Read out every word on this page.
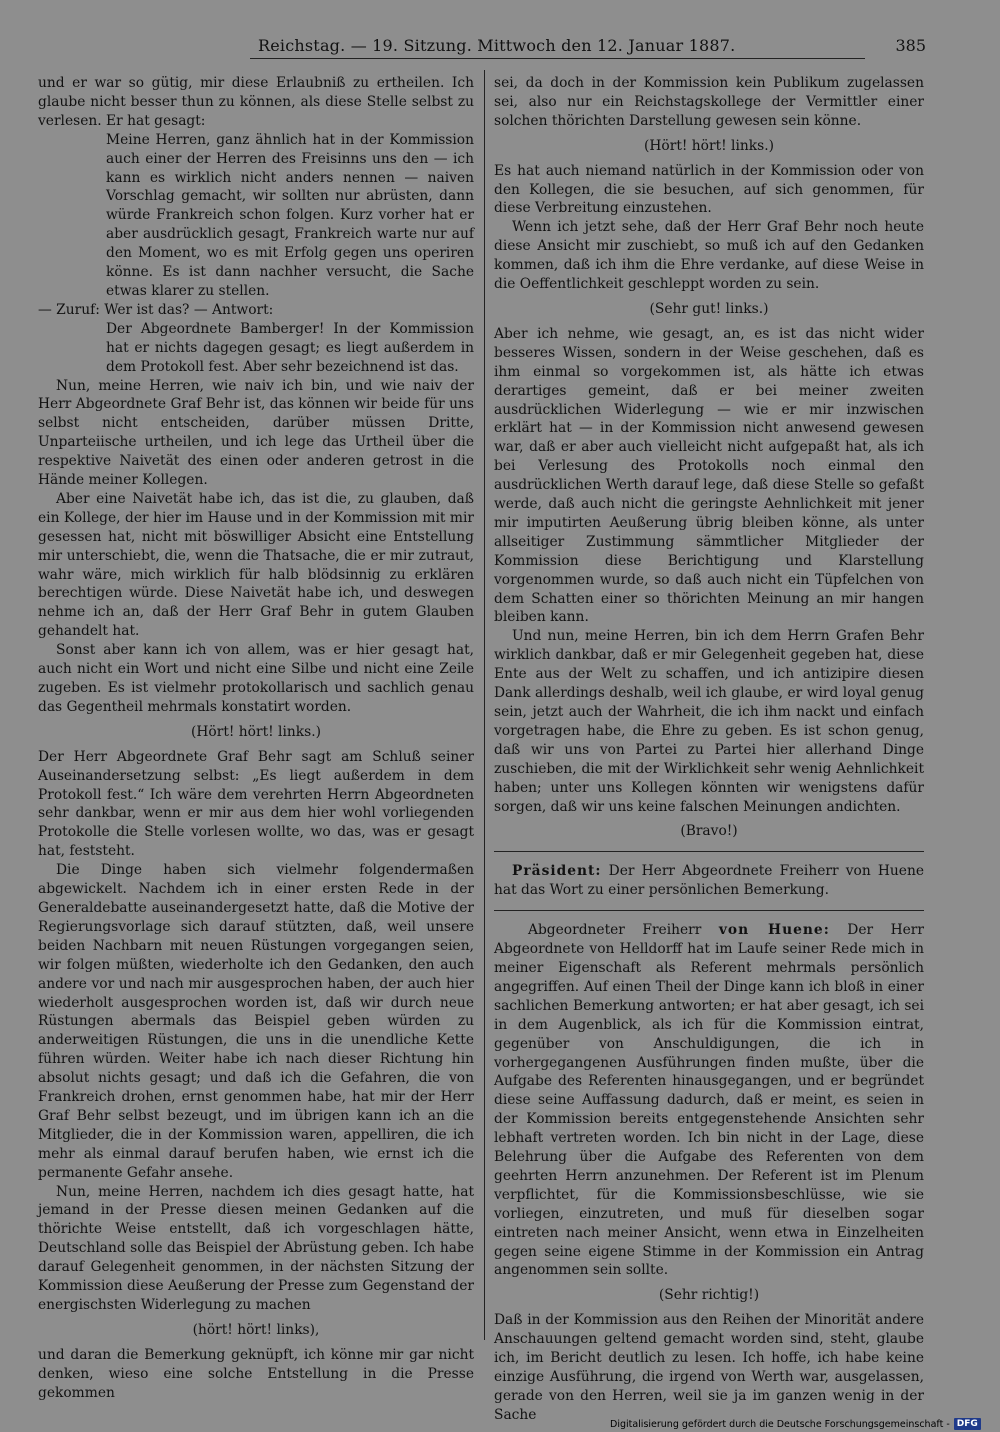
Reichstag. — 19. Sitzung. Mittwoch den 12. Januar 1887.	385

und er war so gütig, mir diese Erlaubniß zu ertheilen. Ich glaube nicht besser thun zu können, als diese Stelle selbst zu verlesen. Er hat gesagt:

Meine Herren, ganz ähnlich hat in der Kommission auch einer der Herren des Freisinns uns den — ich kann es wirklich nicht anders nennen — naiven Vorschlag gemacht, wir sollten nur abrüsten, dann würde Frankreich schon folgen. Kurz vorher hat er aber ausdrücklich gesagt, Frankreich warte nur auf den Moment, wo es mit Erfolg gegen uns operiren könne. Es ist dann nachher versucht, die Sache etwas klarer zu stellen.

— Zuruf: Wer ist das? — Antwort:

Der Abgeordnete Bamberger! In der Kommission hat er nichts dagegen gesagt; es liegt außerdem in dem Protokoll fest. Aber sehr bezeichnend ist das.

Nun, meine Herren, wie naiv ich bin, und wie naiv der Herr Abgeordnete Graf Behr ist, das können wir beide für uns selbst nicht entscheiden, darüber müssen Dritte, Unparteiische urtheilen, und ich lege das Urtheil über die respektive Naivetät des einen oder anderen getrost in die Hände meiner Kollegen.

Aber eine Naivetät habe ich, das ist die, zu glauben, daß ein Kollege, der hier im Hause und in der Kommission mit mir gesessen hat, nicht mit böswilliger Absicht eine Entstellung mir unterschiebt, die, wenn die Thatsache, die er mir zutraut, wahr wäre, mich wirklich für halb blödsinnig zu erklären berechtigen würde. Diese Naivetät habe ich, und deswegen nehme ich an, daß der Herr Graf Behr in gutem Glauben gehandelt hat.

Sonst aber kann ich von allem, was er hier gesagt hat, auch nicht ein Wort und nicht eine Silbe und nicht eine Zeile zugeben. Es ist vielmehr protokollarisch und sachlich genau das Gegentheil mehrmals konstatirt worden.

(Hört! hört! links.)

Der Herr Abgeordnete Graf Behr sagt am Schluß seiner Auseinandersetzung selbst: „Es liegt außerdem in dem Protokoll fest.“ Ich wäre dem verehrten Herrn Abgeordneten sehr dankbar, wenn er mir aus dem hier wohl vorliegenden Protokolle die Stelle vorlesen wollte, wo das, was er gesagt hat, feststeht.

Die Dinge haben sich vielmehr folgendermaßen abgewickelt. Nachdem ich in einer ersten Rede in der Generaldebatte auseinandergesetzt hatte, daß die Motive der Regierungsvorlage sich darauf stützten, daß, weil unsere beiden Nachbarn mit neuen Rüstungen vorgegangen seien, wir folgen müßten, wiederholte ich den Gedanken, den auch andere vor und nach mir ausgesprochen haben, der auch hier wiederholt ausgesprochen worden ist, daß wir durch neue Rüstungen abermals das Beispiel geben würden zu anderweitigen Rüstungen, die uns in die unendliche Kette führen würden. Weiter habe ich nach dieser Richtung hin absolut nichts gesagt; und daß ich die Gefahren, die von Frankreich drohen, ernst genommen habe, hat mir der Herr Graf Behr selbst bezeugt, und im übrigen kann ich an die Mitglieder, die in der Kommission waren, appelliren, die ich mehr als einmal darauf berufen haben, wie ernst ich die permanente Gefahr ansehe.

Nun, meine Herren, nachdem ich dies gesagt hatte, hat jemand in der Presse diesen meinen Gedanken auf die thörichte Weise entstellt, daß ich vorgeschlagen hätte, Deutschland solle das Beispiel der Abrüstung geben. Ich habe darauf Gelegenheit genommen, in der nächsten Sitzung der Kommission diese Aeußerung der Presse zum Gegenstand der energischsten Widerlegung zu machen

(hört! hört! links),

und daran die Bemerkung geknüpft, ich könne mir gar nicht denken, wieso eine solche Entstellung in die Presse gekommen

sei, da doch in der Kommission kein Publikum zugelassen sei, also nur ein Reichstagskollege der Vermittler einer solchen thörichten Darstellung gewesen sein könne.

(Hört! hört! links.)

Es hat auch niemand natürlich in der Kommission oder von den Kollegen, die sie besuchen, auf sich genommen, für diese Verbreitung einzustehen.

Wenn ich jetzt sehe, daß der Herr Graf Behr noch heute diese Ansicht mir zuschiebt, so muß ich auf den Gedanken kommen, daß ich ihm die Ehre verdanke, auf diese Weise in die Oeffentlichkeit geschleppt worden zu sein.

(Sehr gut! links.)

Aber ich nehme, wie gesagt, an, es ist das nicht wider besseres Wissen, sondern in der Weise geschehen, daß es ihm einmal so vorgekommen ist, als hätte ich etwas derartiges gemeint, daß er bei meiner zweiten ausdrücklichen Widerlegung — wie er mir inzwischen erklärt hat — in der Kommission nicht anwesend gewesen war, daß er aber auch vielleicht nicht aufgepaßt hat, als ich bei Verlesung des Protokolls noch einmal den ausdrücklichen Werth darauf lege, daß diese Stelle so gefaßt werde, daß auch nicht die geringste Aehnlichkeit mit jener mir imputirten Aeußerung übrig bleiben könne, als unter allseitiger Zustimmung sämmtlicher Mitglieder der Kommission diese Berichtigung und Klarstellung vorgenommen wurde, so daß auch nicht ein Tüpfelchen von dem Schatten einer so thörichten Meinung an mir hangen bleiben kann.

Und nun, meine Herren, bin ich dem Herrn Grafen Behr wirklich dankbar, daß er mir Gelegenheit gegeben hat, diese Ente aus der Welt zu schaffen, und ich antizipire diesen Dank allerdings deshalb, weil ich glaube, er wird loyal genug sein, jetzt auch der Wahrheit, die ich ihm nackt und einfach vorgetragen habe, die Ehre zu geben. Es ist schon genug, daß wir uns von Partei zu Partei hier allerhand Dinge zuschieben, die mit der Wirklichkeit sehr wenig Aehnlichkeit haben; unter uns Kollegen könnten wir wenigstens dafür sorgen, daß wir uns keine falschen Meinungen andichten.

(Bravo!)

Präsident: Der Herr Abgeordnete Freiherr von Huene hat das Wort zu einer persönlichen Bemerkung.

Abgeordneter Freiherr von Huene: Der Herr Abgeordnete von Helldorff hat im Laufe seiner Rede mich in meiner Eigenschaft als Referent mehrmals persönlich angegriffen. Auf einen Theil der Dinge kann ich bloß in einer sachlichen Bemerkung antworten; er hat aber gesagt, ich sei in dem Augenblick, als ich für die Kommission eintrat, gegenüber von Anschuldigungen, die ich in vorhergegangenen Ausführungen finden mußte, über die Aufgabe des Referenten hinausgegangen, und er begründet diese seine Auffassung dadurch, daß er meint, es seien in der Kommission bereits entgegenstehende Ansichten sehr lebhaft vertreten worden. Ich bin nicht in der Lage, diese Belehrung über die Aufgabe des Referenten von dem geehrten Herrn anzunehmen. Der Referent ist im Plenum verpflichtet, für die Kommissionsbeschlüsse, wie sie vorliegen, einzutreten, und muß für dieselben sogar eintreten nach meiner Ansicht, wenn etwa in Einzelheiten gegen seine eigene Stimme in der Kommission ein Antrag angenommen sein sollte.

(Sehr richtig!)

Daß in der Kommission aus den Reihen der Minorität andere Anschauungen geltend gemacht worden sind, steht, glaube ich, im Bericht deutlich zu lesen. Ich hoffe, ich habe keine einzige Ausführung, die irgend von Werth war, ausgelassen, gerade von den Herren, weil sie ja im ganzen wenig in der Sache

Digitalisierung gefördert durch die Deutsche Forschungsgemeinschaft - DFG
